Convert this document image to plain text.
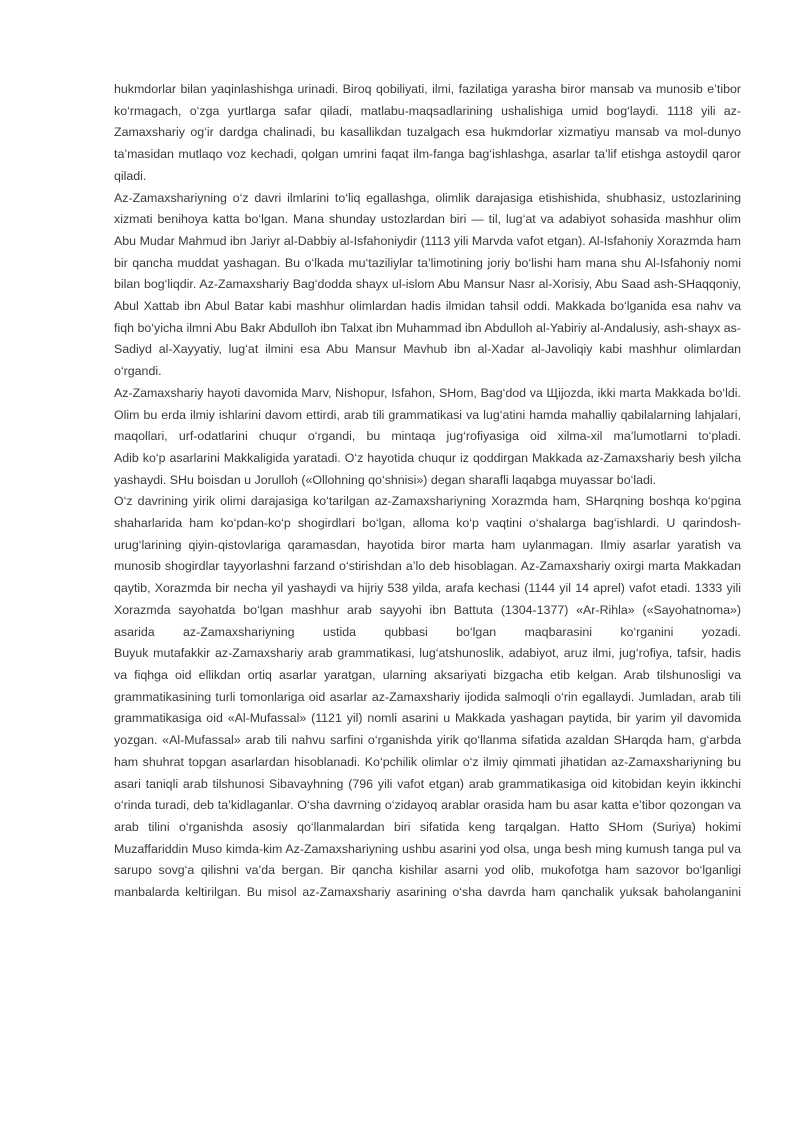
hukmdorlar bilan yaqinlashishga urinadi. Biroq qobiliyati, ilmi, fazilatiga yarasha biror mansab va munosib e’tibor ko‘rmagach, o‘zga yurtlarga safar qiladi, matlabu-maqsadlarining ushalishiga umid bog‘laydi. 1118 yili az-Zamaxshariy og‘ir dardga chalinadi, bu kasallikdan tuzalgach esa hukmdorlar xizmatiyu mansab va mol-dunyo ta’masidan mutlaqo voz kechadi, qolgan umrini faqat ilm-fanga bag‘ishlashga, asarlar ta’lif etishga astoydil qaror qiladi.

Az-Zamaxshariyning o‘z davri ilmlarini to‘liq egallashga, olimlik darajasiga etishishida, shubhasiz, ustozlarining xizmati benihoya katta bo‘lgan. Mana shunday ustozlardan biri — til, lug‘at va adabiyot sohasida mashhur olim Abu Mudar Mahmud ibn Jariyr al-Dabbiy al-Isfahoniydir (1113 yili Marvda vafot etgan). Al-Isfahoniy Xorazmda ham bir qancha muddat yashagan. Bu o‘lkada mu‘taziliylar ta’limotining joriy bo‘lishi ham mana shu Al-Isfahoniy nomi bilan bog‘liqdir. Az-Zamaxshariy Bag‘dodda shayx ul-islom Abu Mansur Nasr al-Xorisiy, Abu Saad ash-SHaqqoniy, Abul Xattab ibn Abul Batar kabi mashhur olimlardan hadis ilmidan tahsil oddi. Makkada bo‘lganida esa nahv va fiqh bo‘yicha ilmni Abu Bakr Abdulloh ibn Talxat ibn Muhammad ibn Abdulloh al-Yabiriy al-Andalusiy, ash-shayx as-Sadiyd al-Xayyatiy, lug‘at ilmini esa Abu Mansur Mavhub ibn al-Xadar al-Javoliqiy kabi mashhur olimlardan o‘rgandi.

Az-Zamaxshariy hayoti davomida Marv, Nishopur, Isfahon, SHom, Bag‘dod va Щijozda, ikki marta Makkada bo‘ldi. Olim bu erda ilmiy ishlarini davom ettirdi, arab tili grammatikasi va lug‘atini hamda mahalliy qabilalarning lahjalari, maqollari, urf-odatlarini chuqur o‘rgandi, bu mintaqa jug‘rofiyasiga oid xilma-xil ma’lumotlarni to‘pladi.

Adib ko‘p asarlarini Makkaligida yaratadi. O‘z hayotida chuqur iz qoddirgan Makkada az-Zamaxshariy besh yilcha yashaydi. SHu boisdan u Jorulloh («Ollohning qo‘shnisi») degan sharafli laqabga muyassar bo‘ladi.

O‘z davrining yirik olimi darajasiga ko‘tarilgan az-Zamaxshariyning Xorazmda ham, SHarqning boshqa ko‘pgina shaharlarida ham ko‘pdan-ko‘p shogirdlari bo‘lgan, alloma ko‘p vaqtini o‘shalarga bag‘ishlardi. U qarindosh-urug‘larining qiyin-qistovlariga qaramasdan, hayotida biror marta ham uylanmagan. Ilmiy asarlar yaratish va munosib shogirdlar tayyorlashni farzand o‘stirishdan a’lo deb hisoblagan. Az-Zamaxshariy oxirgi marta Makkadan qaytib, Xorazmda bir necha yil yashaydi va hijriy 538 yilda, arafa kechasi (1144 yil 14 aprel) vafot etadi. 1333 yili Xorazmda sayohatda bo‘lgan mashhur arab sayyohi ibn Battuta (1304-1377) «Ar-Rihla» («Sayohatnoma») asarida az-Zamaxshariyning ustida qubbasi bo‘lgan maqbarasini ko‘rganini yozadi.

Buyuk mutafakkir az-Zamaxshariy arab grammatikasi, lug‘atshunoslik, adabiyot, aruz ilmi, jug‘rofiya, tafsir, hadis va fiqhga oid ellikdan ortiq asarlar yaratgan, ularning aksariyati bizgacha etib kelgan. Arab tilshunosligi va grammatikasining turli tomonlariga oid asarlar az-Zamaxshariy ijodida salmoqli o‘rin egallaydi. Jumladan, arab tili grammatikasiga oid «Al-Mufassal» (1121 yil) nomli asarini u Makkada yashagan paytida, bir yarim yil davomida yozgan. «Al-Mufassal» arab tili nahvu sarfini o‘rganishda yirik qo‘llanma sifatida azaldan SHarqda ham, g‘arbda ham shuhrat topgan asarlardan hisoblanadi. Ko‘pchilik olimlar o‘z ilmiy qimmati jihatidan az-Zamaxshariyning bu asari taniqli arab tilshunosi Sibavayhning (796 yili vafot etgan) arab grammatikasiga oid kitobidan keyin ikkinchi o‘rinda turadi, deb ta’kidlaganlar. O‘sha davrning o‘zidayoq arablar orasida ham bu asar katta e’tibor qozongan va arab tilini o‘rganishda asosiy qo‘llanmalardan biri sifatida keng tarqalgan. Hatto SHom (Suriya) hokimi Muzaffariddin Muso kimda-kim Az-Zamaxshariyning ushbu asarini yod olsa, unga besh ming kumush tanga pul va sarupo sovg‘a qilishni va’da bergan. Bir qancha kishilar asarni yod olib, mukofotga ham sazovor bo‘lganligi manbalarda keltirilgan. Bu misol az-Zamaxshariy asarining o‘sha davrda ham qanchalik yuksak baholanganini
